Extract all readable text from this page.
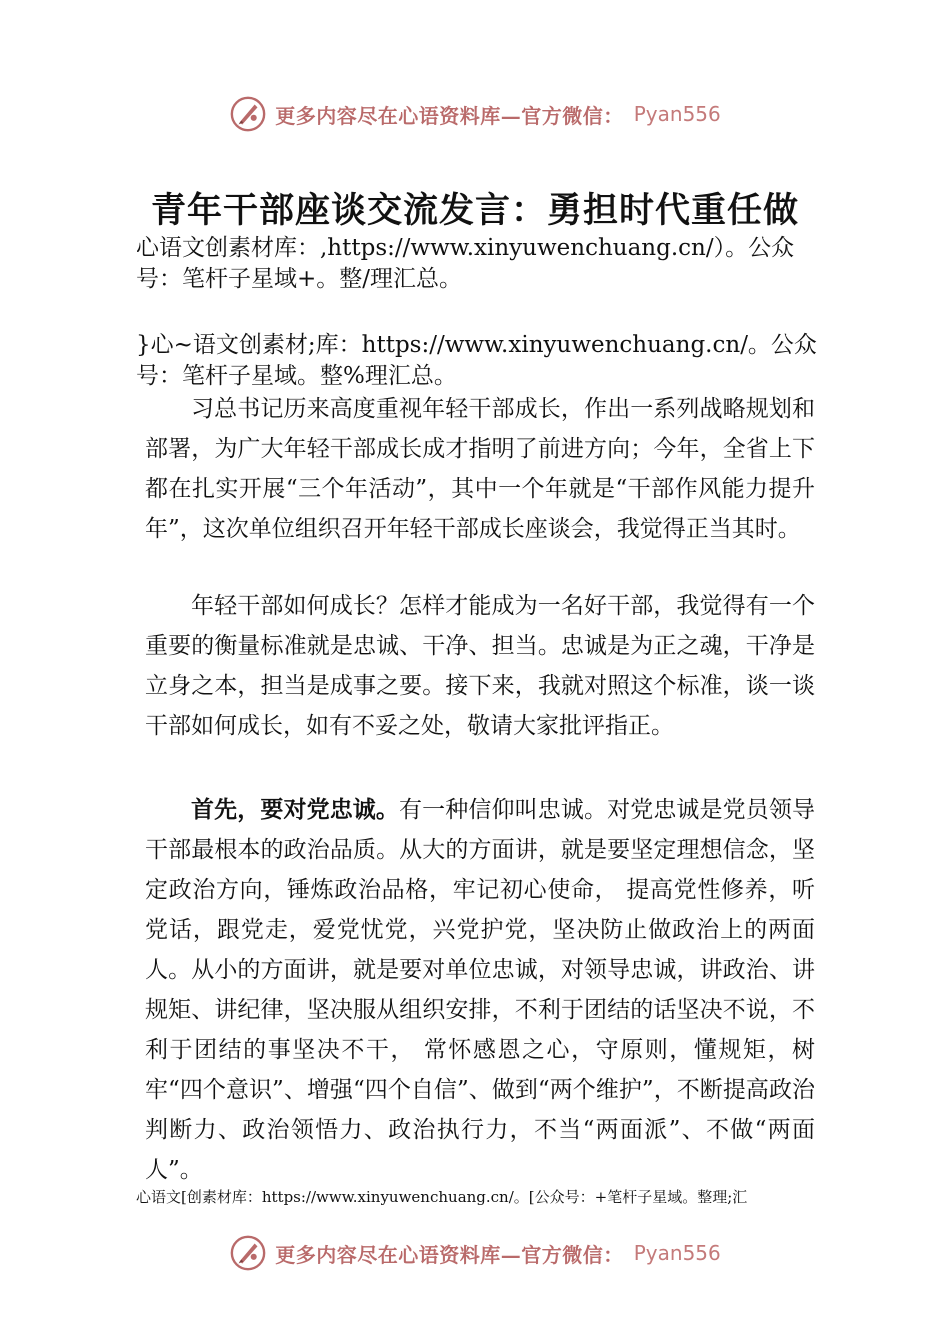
更多内容尽在心语资料库—官方微信： Pyan556
青年干部座谈交流发言：勇担时代重任做

心语文创素材库：,https://www.xinyuwenchuang.cn/）。公众号：笔杆子星域+。整/理汇总。

}心~语文创素材;库：https://www.xinyuwenchuang.cn/。公众号：笔杆子星域。整%理汇总。

习总书记历来高度重视年轻干部成长，作出一系列战略规划和部署，为广大年轻干部成长成才指明了前进方向；今年，全省上下都在扎实开展“三个年活动”，其中一个年就是“干部作风能力提升年”，这次单位组织召开年轻干部成长座谈会，我觉得正当其时。

年轻干部如何成长？怎样才能成为一名好干部，我觉得有一个重要的衡量标准就是忠诚、干净、担当。忠诚是为正之魂，干净是立身之本，担当是成事之要。接下来，我就对照这个标准，谈一谈干部如何成长，如有不妥之处，敬请大家批评指正。

首先，要对党忠诚。有一种信仰叫忠诚。对党忠诚是党员领导干部最根本的政治品质。从大的方面讲，就是要坚定理想信念，坚定政治方向，锤炼政治品格，牢记初心使命， 提高党性修养，听党话，跟党走，爱党忧党，兴党护党，坚决防止做政治上的两面人。从小的方面讲，就是要对单位忠诚，对领导忠诚，讲政治、讲规矩、讲纪律，坚决服从组织安排，不利于团结的话坚决不说，不利于团结的事坚决不干， 常怀感恩之心，守原则，懂规矩，树牢“四个意识”、增强“四个自信”、做到“两个维护”，不断提高政治判断力、政治领悟力、政治执行力，不当“两面派”、不做“两面人”。

心语文[创素材库：https://www.xinyuwenchuang.cn/。[公众号：+笔杆子星域。整理;汇

更多内容尽在心语资料库—官方微信： Pyan556
